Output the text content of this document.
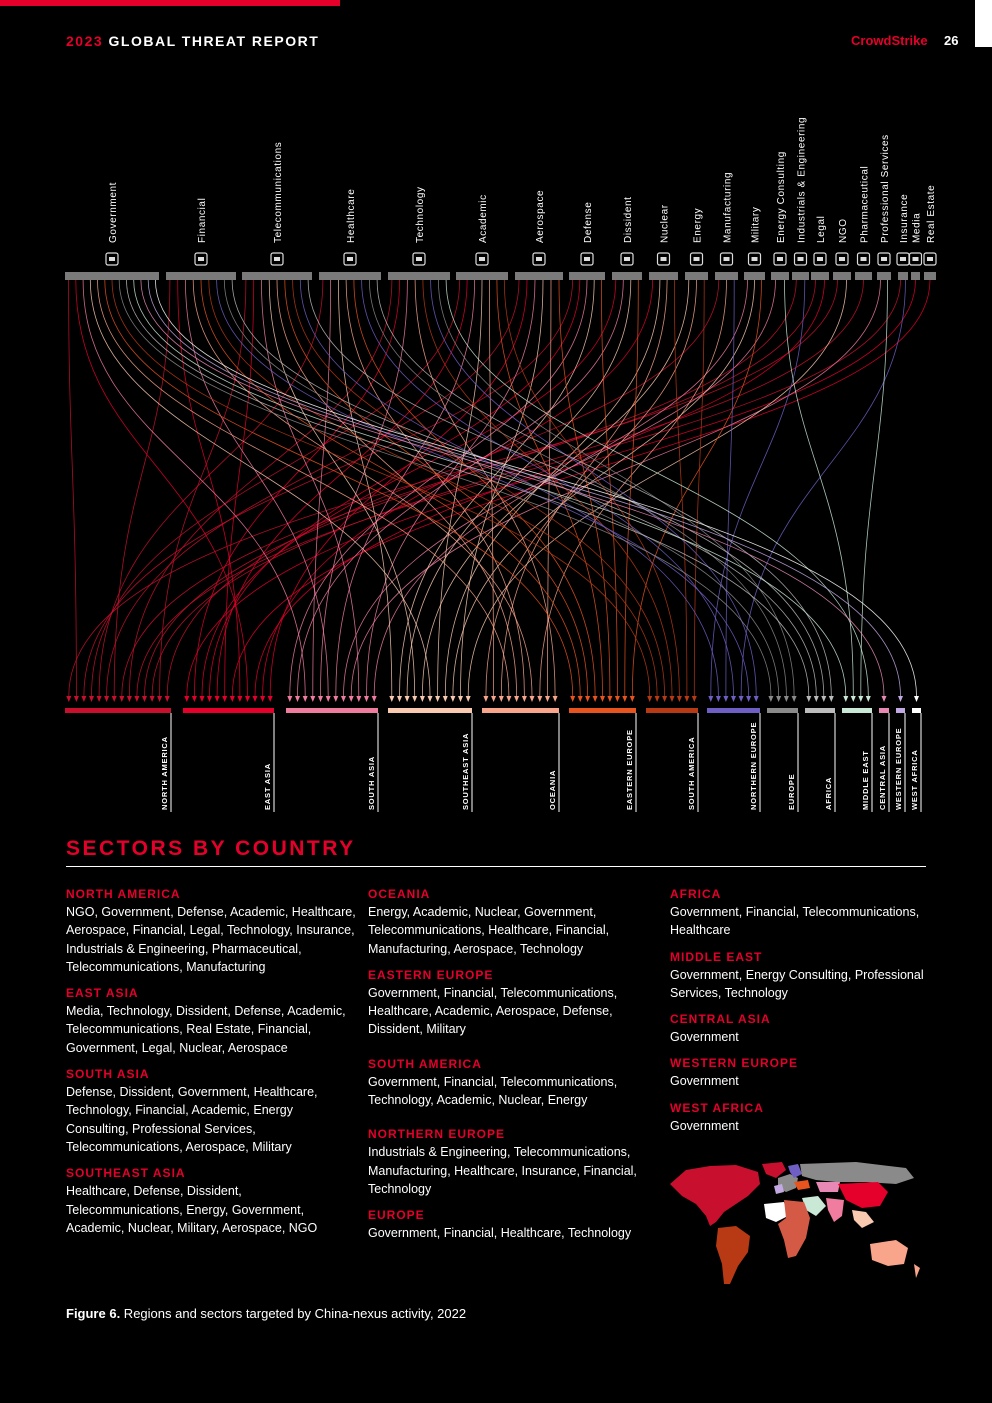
2023 GLOBAL THREAT REPORT	CrowdStrike 26
Government	Financial	Telecommunications	Healthcare	Technology	Academic	Aerospace	Defense	Dissident	Nuclear Energy Manufacturing Military Energy Consulting Industrials & Engineering Legal NGO Pharmaceutical Professional Services Insurance Media Real Estate
NORTH AMERICA	EAST ASIA	SOUTH ASIA	SOUTHEAST ASIA	OCEANIA	EASTERN EUROPE	SOUTH AMERICA	NORTHERN EUROPE	EUROPE	AFRICA	MIDDLE EAST CENTRAL ASIA WESTERN EUROPE WEST AFRICA
SECTORS BY COUNTRY
NORTH AMERICA

NGO, Government, Defense, Academic, Healthcare, Aerospace, Financial, Legal, Technology, Insurance, Industrials & Engineering, Pharmaceutical, Telecommunications, Manufacturing

EAST ASIA

Media, Technology, Dissident, Defense, Academic, Telecommunications, Real Estate, Financial, Government, Legal, Nuclear, Aerospace

SOUTH ASIA

Defense, Dissident, Government, Healthcare, Technology, Financial, Academic, Energy Consulting, Professional Services, Telecommunications, Aerospace, Military

SOUTHEAST ASIA

Healthcare, Defense, Dissident, Telecommunications, Energy, Government, Academic, Nuclear, Military, Aerospace, NGO

OCEANIA

Energy, Academic, Nuclear, Government, Telecommunications, Healthcare, Financial, Manufacturing, Aerospace, Technology

EASTERN EUROPE

Government, Financial, Telecommunications, Healthcare, Academic, Aerospace, Defense, Dissident, Military

SOUTH AMERICA

Government, Financial, Telecommunications, Technology, Academic, Nuclear, Energy

NORTHERN EUROPE

Industrials & Engineering, Telecommunications, Manufacturing, Healthcare, Insurance, Financial, Technology

EUROPE

Government, Financial, Healthcare, Technology

AFRICA

Government, Financial, Telecommunications, Healthcare

MIDDLE EAST

Government, Energy Consulting, Professional Services, Technology

CENTRAL ASIA

Government

WESTERN EUROPE

Government

WEST AFRICA

Government

Figure 6. Regions and sectors targeted by China-nexus activity, 2022
